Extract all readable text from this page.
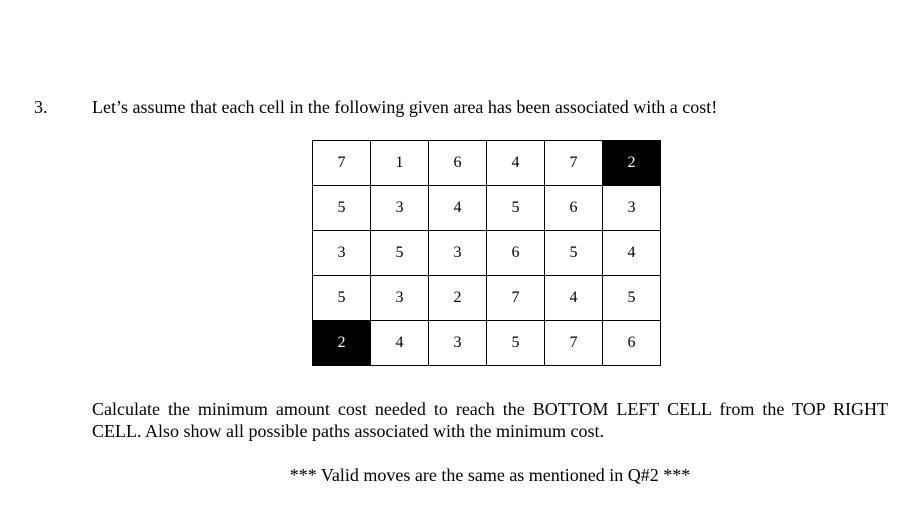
3. Let’s assume that each cell in the following given area has been associated with a cost!
7	1	6	4	7	2
5	3	4	5	6	3
3	5	3	6	5	4
5	3	2	7	4	5
2	4	3	5	7	6
Calculate the minimum amount cost needed to reach the BOTTOM LEFT CELL from the TOP RIGHT CELL. Also show all possible paths associated with the minimum cost.
*** Valid moves are the same as mentioned in Q#2 ***
